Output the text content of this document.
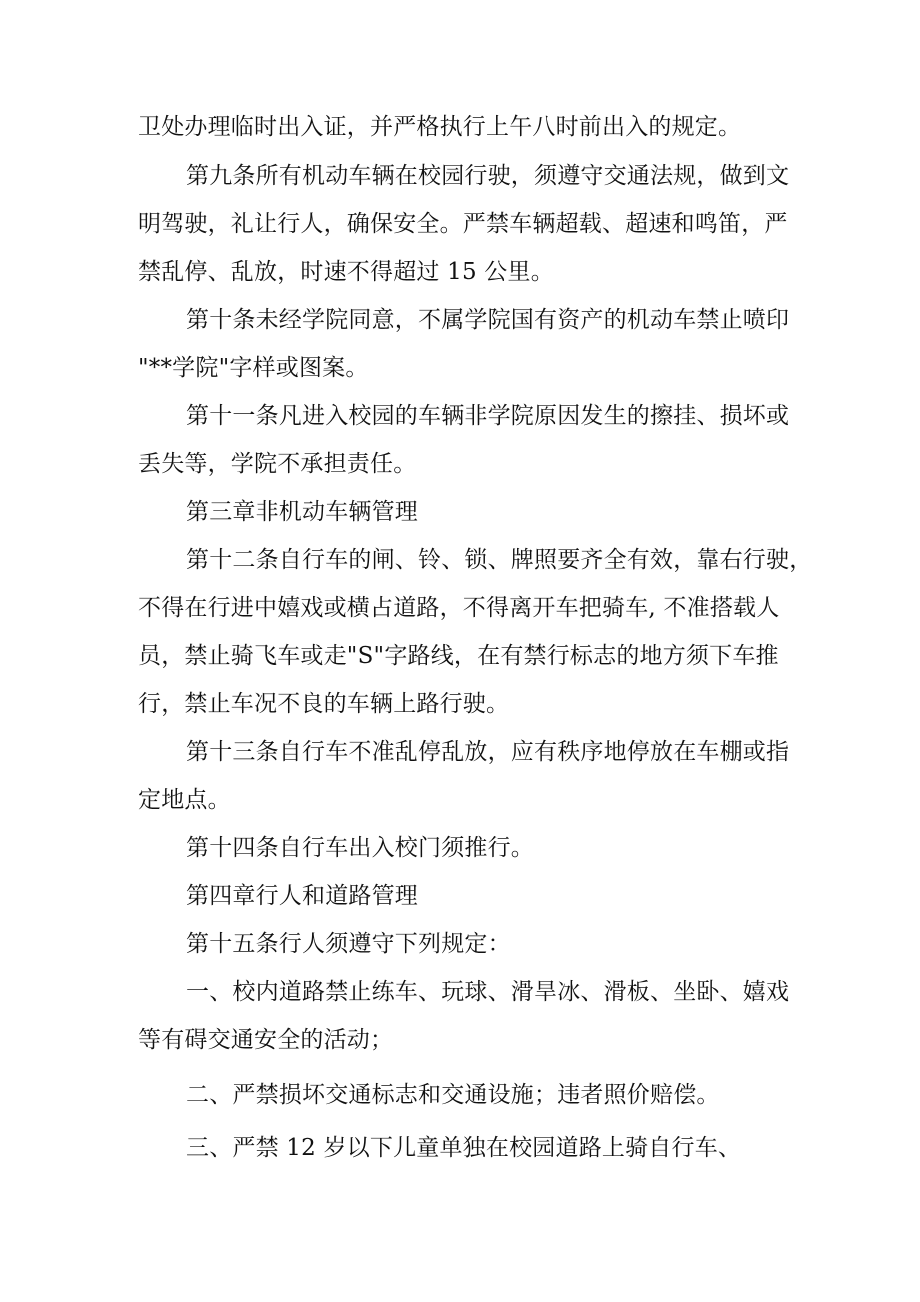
卫处办理临时出入证，并严格执行上午八时前出入的规定。
第九条所有机动车辆在校园行驶，须遵守交通法规，做到文
明驾驶，礼让行人，确保安全。严禁车辆超载、超速和鸣笛，严
禁乱停、乱放，时速不得超过 15 公里。
第十条未经学院同意，不属学院国有资产的机动车禁止喷印
"**学院"字样或图案。
第十一条凡进入校园的车辆非学院原因发生的擦挂、损坏或
丢失等，学院不承担责任。
第三章非机动车辆管理
第十二条自行车的闸、铃、锁、牌照要齐全有效，靠右行驶，
不得在行进中嬉戏或横占道路，不得离开车把骑车, 不准搭载人
员，禁止骑飞车或走"S"字路线，在有禁行标志的地方须下车推
行，禁止车况不良的车辆上路行驶。
第十三条自行车不准乱停乱放，应有秩序地停放在车棚或指
定地点。
第十四条自行车出入校门须推行。
第四章行人和道路管理
第十五条行人须遵守下列规定：
一、校内道路禁止练车、玩球、滑旱冰、滑板、坐卧、嬉戏
等有碍交通安全的活动；
二、严禁损坏交通标志和交通设施；违者照价赔偿。
三、严禁 12 岁以下儿童单独在校园道路上骑自行车、
